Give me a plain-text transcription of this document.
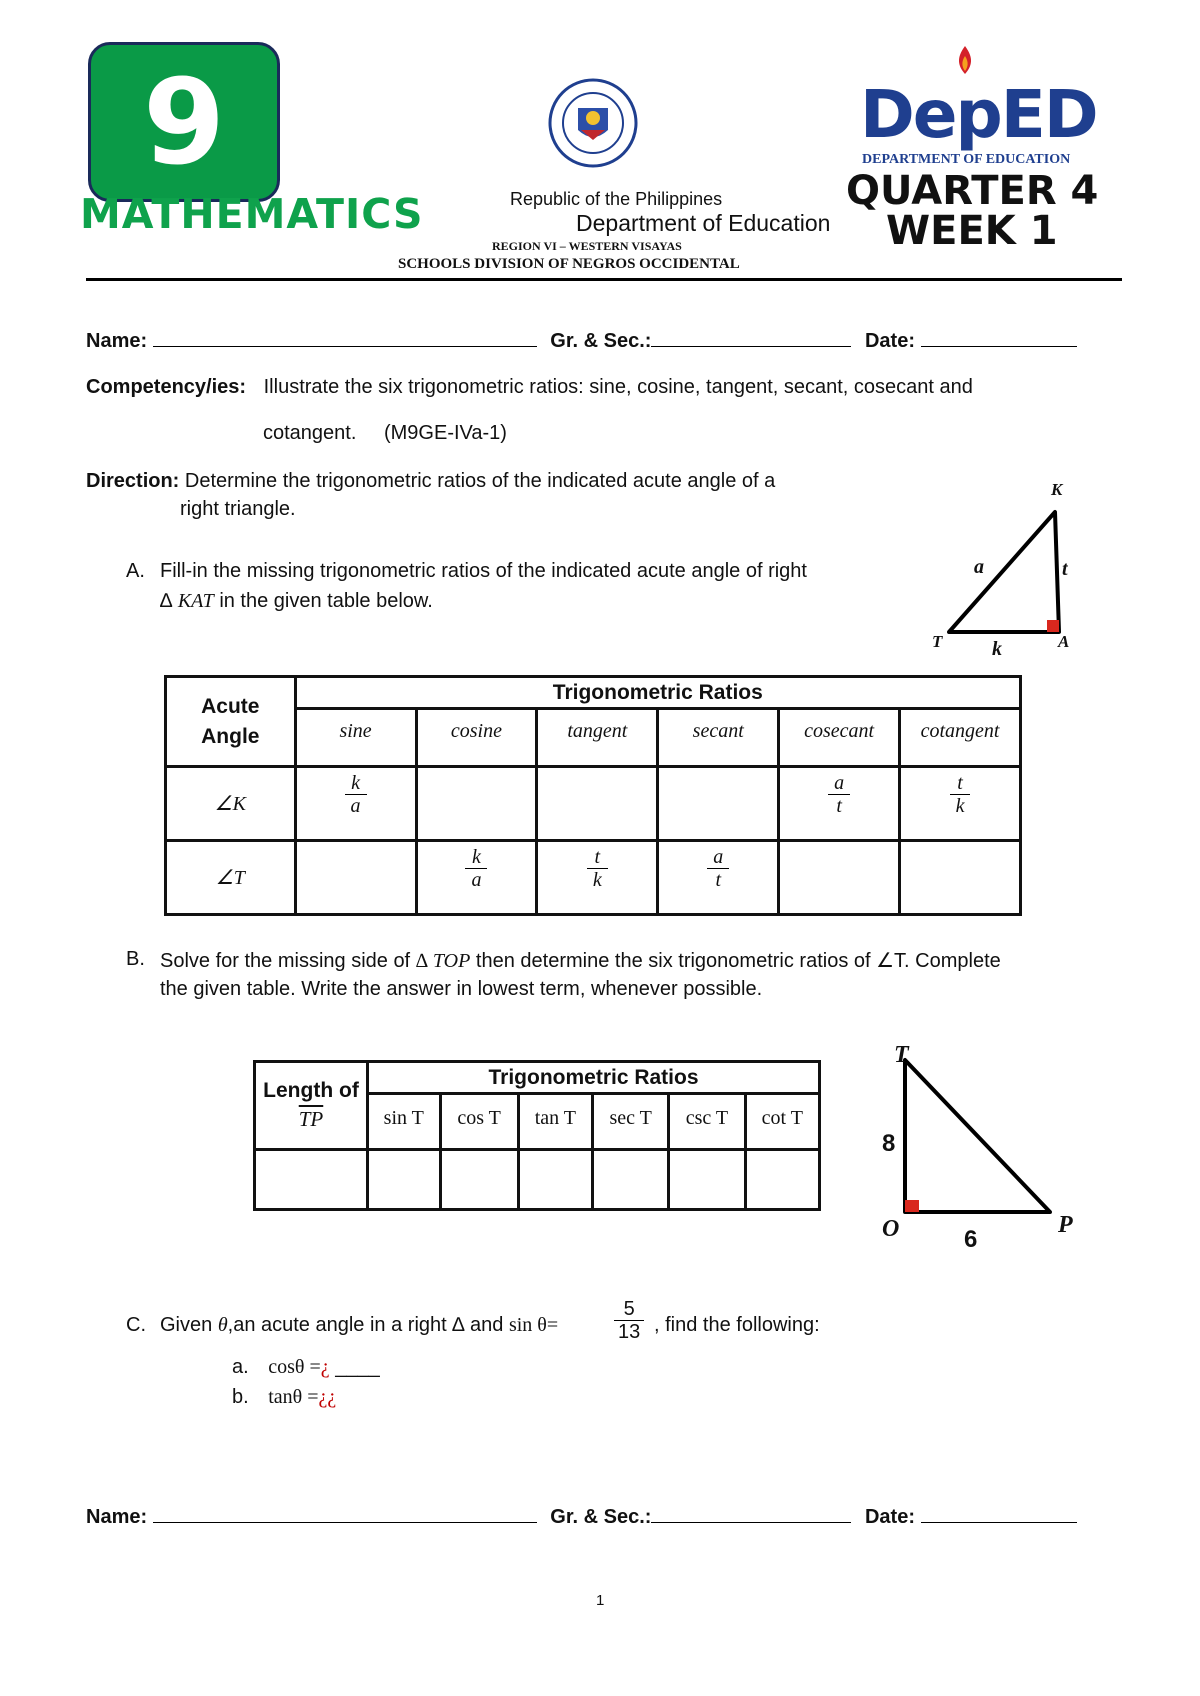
9
MATHEMATICS
DepED
DEPARTMENT OF EDUCATION
QUARTER 4
WEEK 1
Republic of the Philippines
Department of Education
REGION VI – WESTERN VISAYAS
SCHOOLS DIVISION OF NEGROS OCCIDENTAL
Name:	Gr. & Sec.:	Date:
Competency/ies: Illustrate the six trigonometric ratios: sine, cosine, tangent, secant, cosecant and
cotangent. (M9GE-IVa-1)
Direction: Determine the trigonometric ratios of the indicated acute angle of a
right triangle.
A. Fill-in the missing trigonometric ratios of the indicated acute angle of right
∆ KAT in the given table below.
K
A
T
a	t
k
Acute
Angle	Trigonometric Ratios					
	sine	cosine	tangent	secant	cosecant	cotangent
∠K	$\frac{k}{a}$				$\frac{a}{t}$	$\frac{t}{k}$

∠T		$\frac{k}{a}$	$\frac{t}{k}$	$\frac{a}{t}$

B. Solve for the missing side of ∆ TOP then determine the six trigonometric ratios of ∠T. Complete
the given table. Write the answer in lowest term, whenever possible.
Length of
$\overline{TP}$	Trigonometric Ratios					
	sin T	cos T	tan T	sec T	csc T	cot T

T
O	P
8
6
C. Given θ,an acute angle in a right ∆ and sin θ=	$\frac{5}{13}$ , find the following:
a. cosθ =¿ ____
b. tanθ =¿¿
Name:	Gr. & Sec.:	Date:
1
